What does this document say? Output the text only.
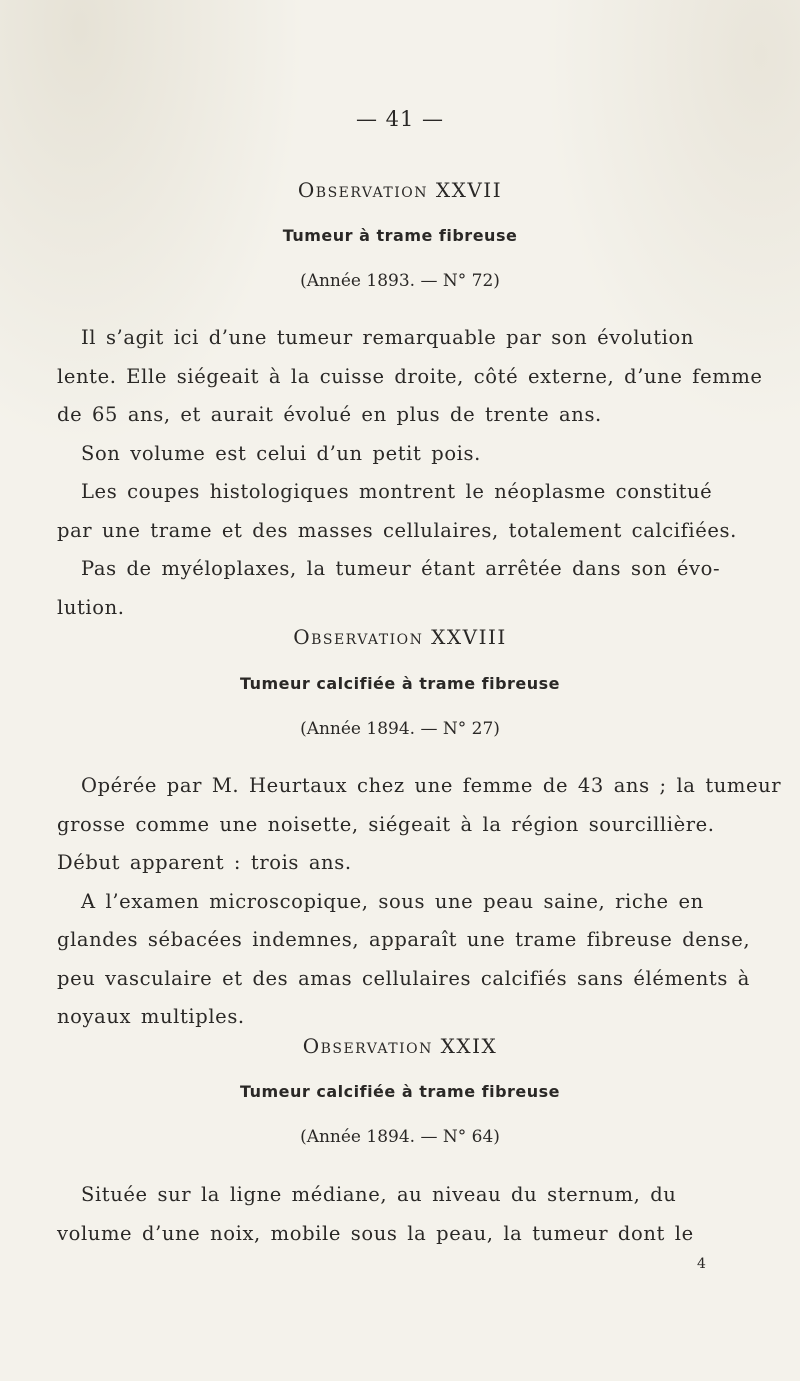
— 41 —
Observation XXVII
Tumeur à trame fibreuse
(Année 1893. — N° 72)
Il s’agit ici d’une tumeur remarquable par son évolution
lente. Elle siégeait à la cuisse droite, côté externe, d’une femme
de 65 ans, et aurait évolué en plus de trente ans.
Son volume est celui d’un petit pois.
Les coupes histologiques montrent le néoplasme constitué
par une trame et des masses cellulaires, totalement calcifiées.
Pas de myéloplaxes, la tumeur étant arrêtée dans son évo-
lution.
Observation XXVIII
Tumeur calcifiée à trame fibreuse
(Année 1894. — N° 27)
Opérée par M. Heurtaux chez une femme de 43 ans ; la tumeur
grosse comme une noisette, siégeait à la région sourcillière.
Début apparent : trois ans.
A l’examen microscopique, sous une peau saine, riche en
glandes sébacées indemnes, apparaît une trame fibreuse dense,
peu vasculaire et des amas cellulaires calcifiés sans éléments à
noyaux multiples.
Observation XXIX
Tumeur calcifiée à trame fibreuse
(Année 1894. — N° 64)
Située sur la ligne médiane, au niveau du sternum, du
volume d’une noix, mobile sous la peau, la tumeur dont le
4
